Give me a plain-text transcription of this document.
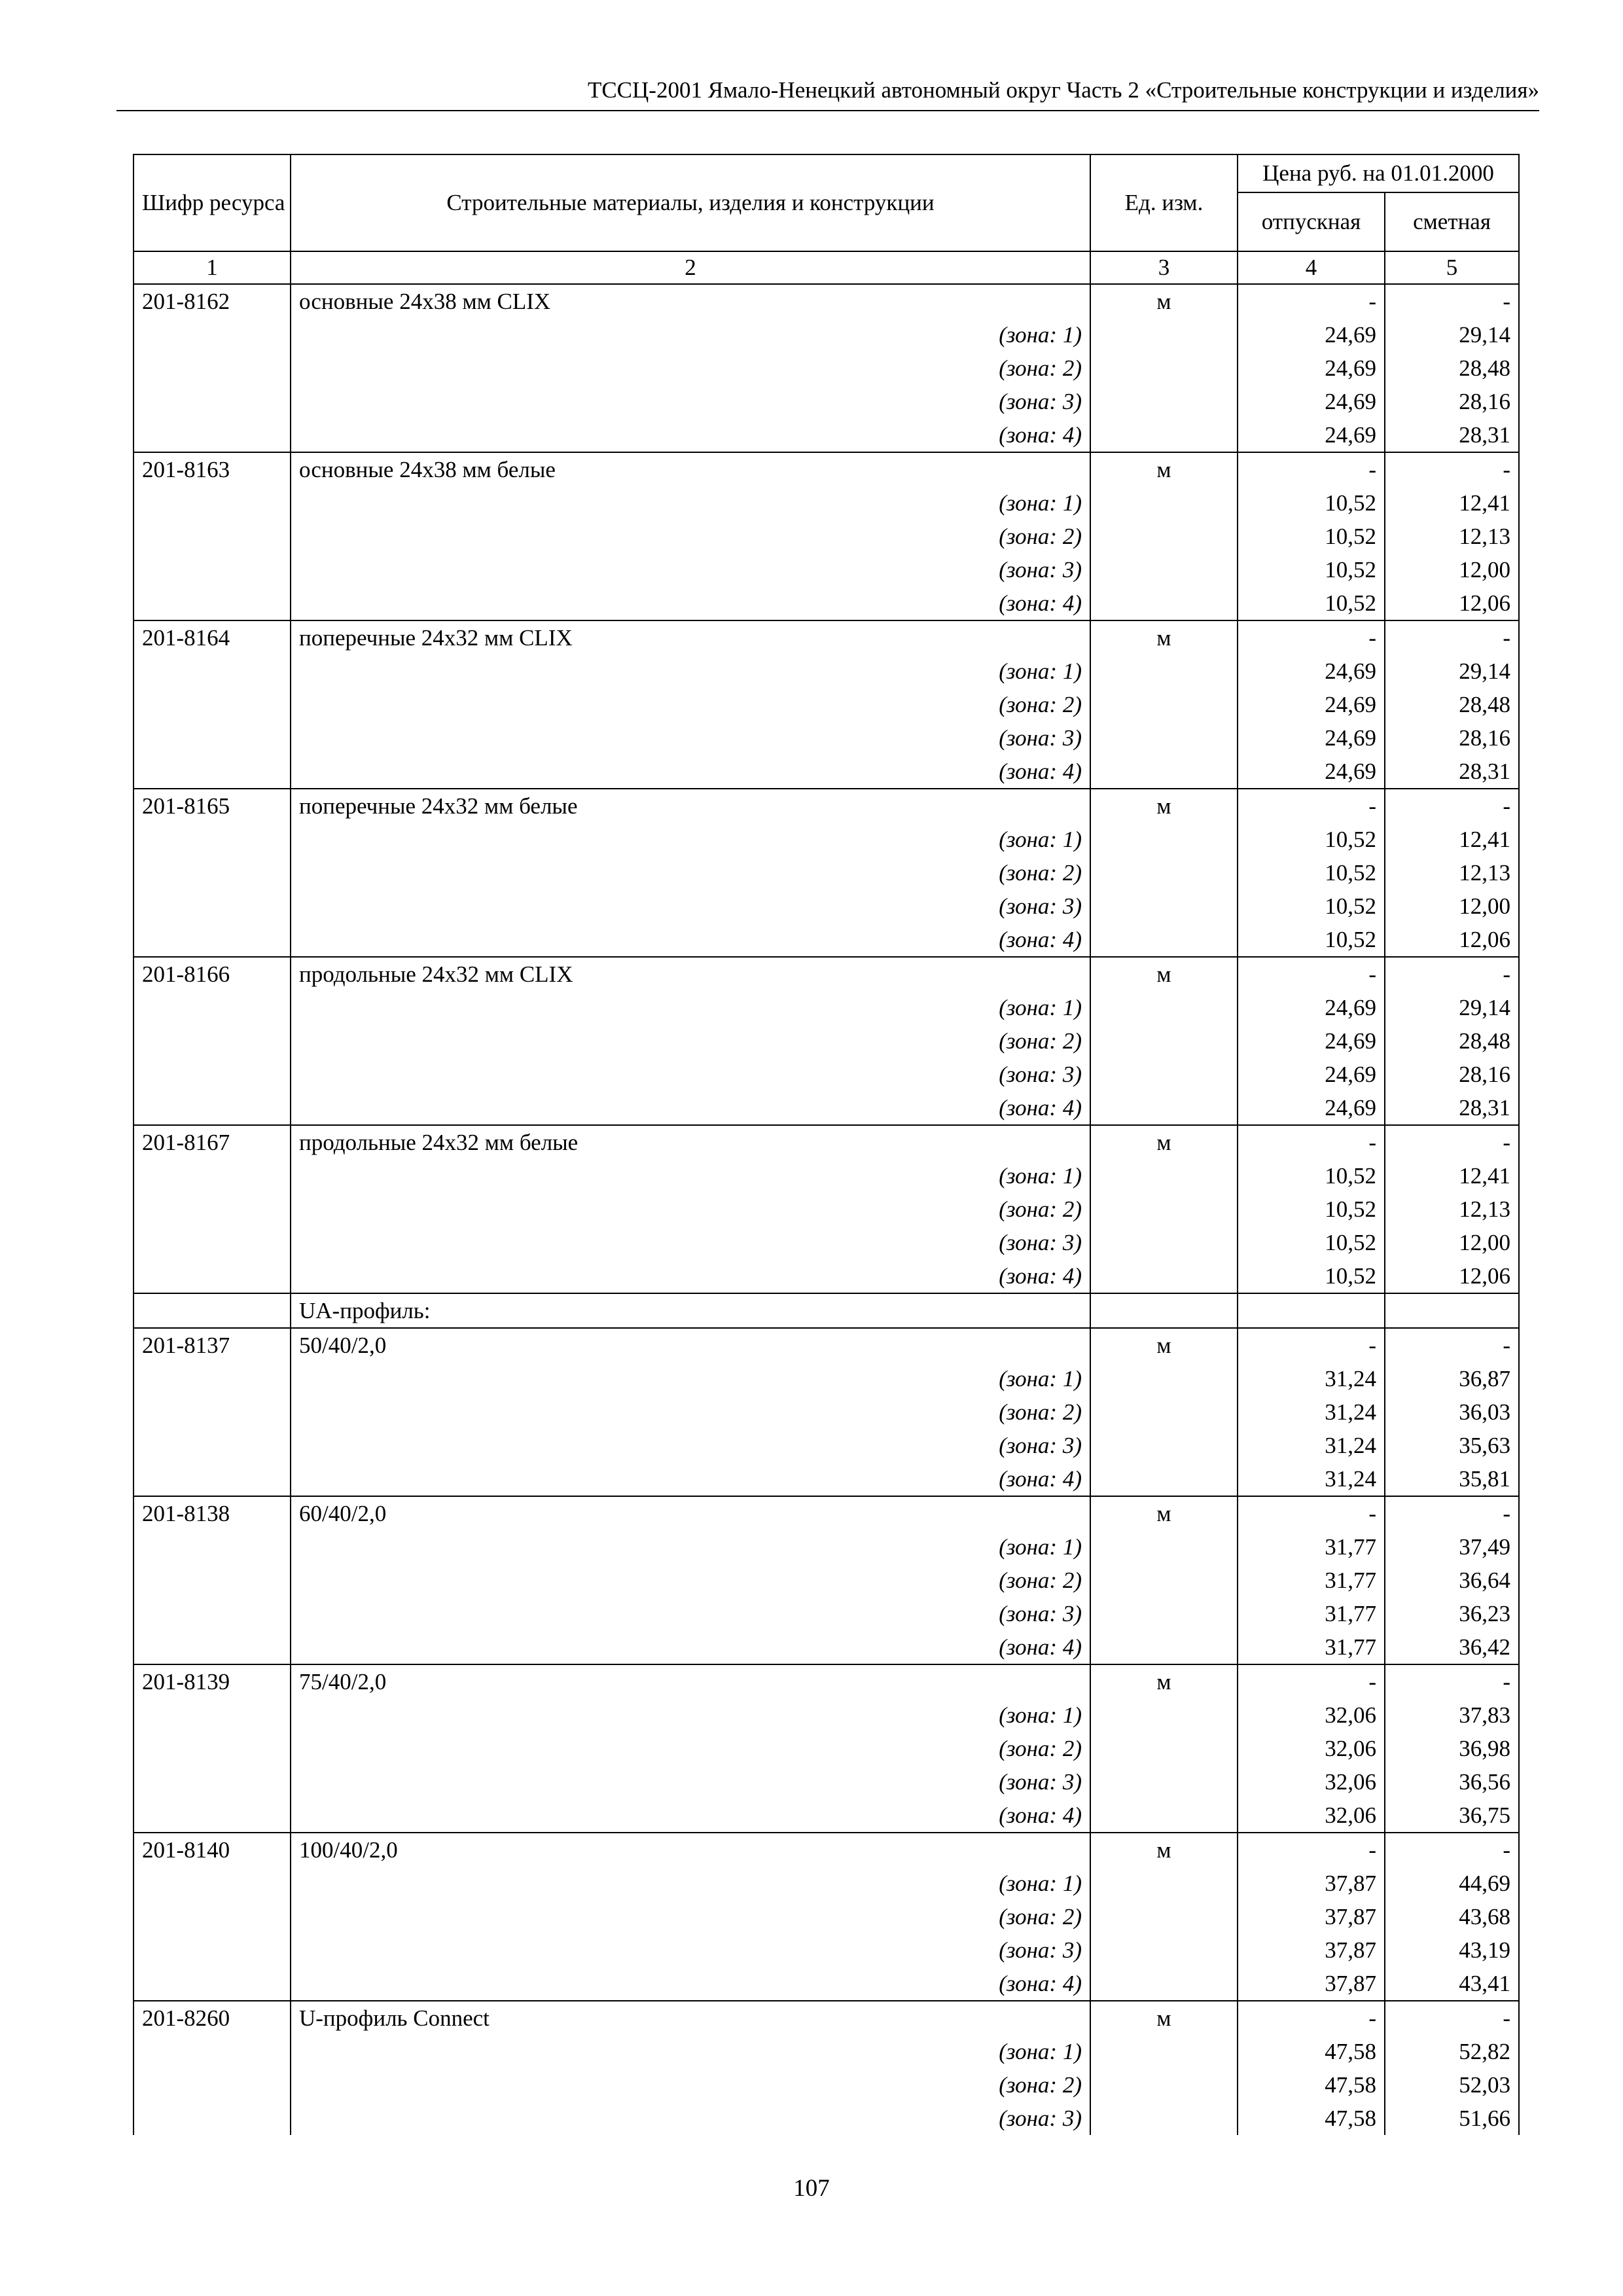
ТССЦ-2001 Ямало-Ненецкий автономный округ Часть 2 «Строительные конструкции и изделия»
Шифр ресурса	Строительные материалы, изделия и конструкции	Ед. изм.	Цена руб. на 01.01.2000	
			отпускная	сметная
1	2	3	4	5
201-8162	основные 24х38 мм CLIX	м	-	-
	(зона: 1)		24,69	29,14
	(зона: 2)		24,69	28,48
	(зона: 3)		24,69	28,16
	(зона: 4)		24,69	28,31
201-8163	основные 24х38 мм белые	м	-	-
	(зона: 1)		10,52	12,41
	(зона: 2)		10,52	12,13
	(зона: 3)		10,52	12,00
	(зона: 4)		10,52	12,06
201-8164	поперечные 24х32 мм CLIX	м	-	-
	(зона: 1)		24,69	29,14
	(зона: 2)		24,69	28,48
	(зона: 3)		24,69	28,16
	(зона: 4)		24,69	28,31
201-8165	поперечные 24х32 мм белые	м	-	-
	(зона: 1)		10,52	12,41
	(зона: 2)		10,52	12,13
	(зона: 3)		10,52	12,00
	(зона: 4)		10,52	12,06
201-8166	продольные 24х32 мм CLIX	м	-	-
	(зона: 1)		24,69	29,14
	(зона: 2)		24,69	28,48
	(зона: 3)		24,69	28,16
	(зона: 4)		24,69	28,31
201-8167	продольные 24х32 мм белые	м	-	-
	(зона: 1)		10,52	12,41
	(зона: 2)		10,52	12,13
	(зона: 3)		10,52	12,00
	(зона: 4)		10,52	12,06
	UA-профиль:			
201-8137	50/40/2,0	м	-	-
	(зона: 1)		31,24	36,87
	(зона: 2)		31,24	36,03
	(зона: 3)		31,24	35,63
	(зона: 4)		31,24	35,81
201-8138	60/40/2,0	м	-	-
	(зона: 1)		31,77	37,49
	(зона: 2)		31,77	36,64
	(зона: 3)		31,77	36,23
	(зона: 4)		31,77	36,42
201-8139	75/40/2,0	м	-	-
	(зона: 1)		32,06	37,83
	(зона: 2)		32,06	36,98
	(зона: 3)		32,06	36,56
	(зона: 4)		32,06	36,75
201-8140	100/40/2,0	м	-	-
	(зона: 1)		37,87	44,69
	(зона: 2)		37,87	43,68
	(зона: 3)		37,87	43,19
	(зона: 4)		37,87	43,41
201-8260	U-профиль Connect	м	-	-
	(зона: 1)		47,58	52,82
	(зона: 2)		47,58	52,03
	(зона: 3)		47,58	51,66
107
